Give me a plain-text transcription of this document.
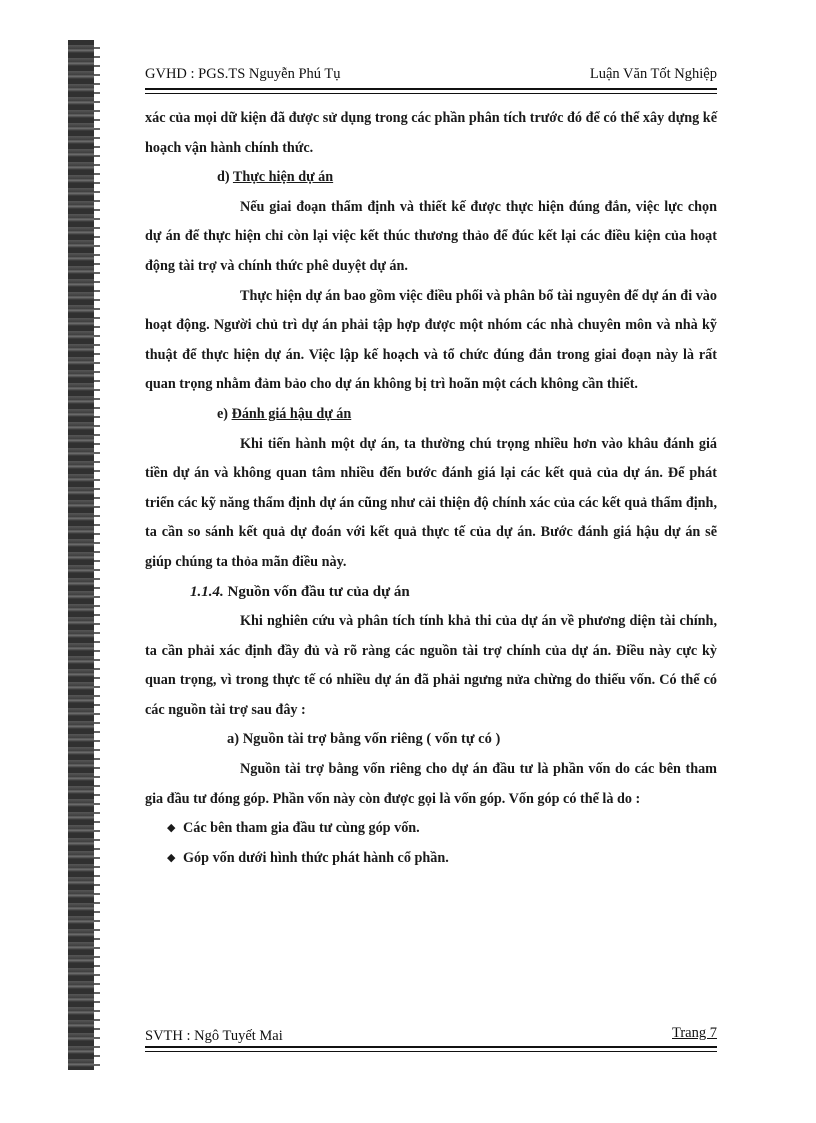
GVHD : PGS.TS Nguyễn Phú Tụ	Luận Văn Tốt Nghiệp

xác của mọi dữ kiện đã được sử dụng trong các phần phân tích trước đó để có thể xây dựng kế hoạch vận hành chính thức.

d) Thực hiện dự án

Nếu giai đoạn thẩm định và thiết kế được thực hiện đúng đắn, việc lực chọn dự án để thực hiện chỉ còn lại việc kết thúc thương thảo để đúc kết lại các điều kiện của hoạt động tài trợ và chính thức phê duyệt dự án.

Thực hiện dự án bao gồm việc điều phối và phân bổ tài nguyên để dự án đi vào hoạt động. Người chủ trì dự án phải tập hợp được một nhóm các nhà chuyên môn và nhà kỹ thuật để thực hiện dự án. Việc lập kế hoạch và tổ chức đúng đắn trong giai đoạn này là rất quan trọng nhằm đảm bảo cho dự án không bị trì hoãn một cách không cần thiết.

e) Đánh giá hậu dự án

Khi tiến hành một dự án, ta thường chú trọng nhiều hơn vào khâu đánh giá tiền dự án và không quan tâm nhiều đến bước đánh giá lại các kết quả của dự án. Để phát triển các kỹ năng thẩm định dự án cũng như cải thiện độ chính xác của các kết quả thẩm định, ta cần so sánh kết quả dự đoán với kết quả thực tế của dự án. Bước đánh giá hậu dự án sẽ giúp chúng ta thỏa mãn điều này.

1.1.4. Nguồn vốn đầu tư của dự án

Khi nghiên cứu và phân tích tính khả thi của dự án về phương diện tài chính, ta cần phải xác định đầy đủ và rõ ràng các nguồn tài trợ chính của dự án. Điều này cực kỳ quan trọng, vì trong thực tế có nhiều dự án đã phải ngưng nửa chừng do thiếu vốn. Có thể có các nguồn tài trợ sau đây :

a) Nguồn tài trợ bằng vốn riêng ( vốn tự có )

Nguồn tài trợ bằng vốn riêng cho dự án đầu tư là phần vốn do các bên tham gia đầu tư đóng góp. Phần vốn này còn được gọi là vốn góp. Vốn góp có thể là do :

◆ Các bên tham gia đầu tư cùng góp vốn.

◆ Góp vốn dưới hình thức phát hành cổ phần.

SVTH : Ngô Tuyết Mai	Trang 7
